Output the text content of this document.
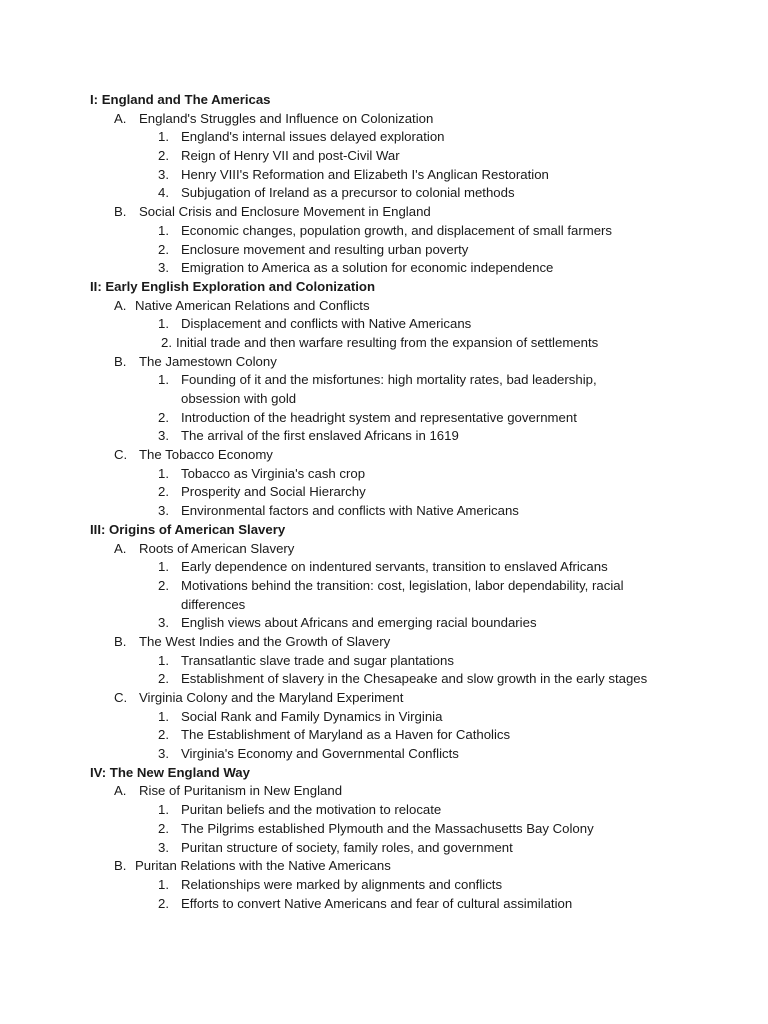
I: England and The Americas
A. England's Struggles and Influence on Colonization
1. England's internal issues delayed exploration
2. Reign of Henry VII and post-Civil War
3. Henry VIII's Reformation and Elizabeth I's Anglican Restoration
4. Subjugation of Ireland as a precursor to colonial methods
B. Social Crisis and Enclosure Movement in England
1. Economic changes, population growth, and displacement of small farmers
2. Enclosure movement and resulting urban poverty
3. Emigration to America as a solution for economic independence
II: Early English Exploration and Colonization
A. Native American Relations and Conflicts
1. Displacement and conflicts with Native Americans
2. Initial trade and then warfare resulting from the expansion of settlements
B. The Jamestown Colony
1. Founding of it and the misfortunes: high mortality rates, bad leadership,
obsession with gold
2. Introduction of the headright system and representative government
3. The arrival of the first enslaved Africans in 1619
C. The Tobacco Economy
1. Tobacco as Virginia's cash crop
2. Prosperity and Social Hierarchy
3. Environmental factors and conflicts with Native Americans
III: Origins of American Slavery
A. Roots of American Slavery
1. Early dependence on indentured servants, transition to enslaved Africans
2. Motivations behind the transition: cost, legislation, labor dependability, racial
differences
3. English views about Africans and emerging racial boundaries
B. The West Indies and the Growth of Slavery
1. Transatlantic slave trade and sugar plantations
2. Establishment of slavery in the Chesapeake and slow growth in the early stages
C. Virginia Colony and the Maryland Experiment
1. Social Rank and Family Dynamics in Virginia
2. The Establishment of Maryland as a Haven for Catholics
3. Virginia's Economy and Governmental Conflicts
IV: The New England Way
A. Rise of Puritanism in New England
1. Puritan beliefs and the motivation to relocate
2. The Pilgrims established Plymouth and the Massachusetts Bay Colony
3. Puritan structure of society, family roles, and government
B. Puritan Relations with the Native Americans
1. Relationships were marked by alignments and conflicts
2. Efforts to convert Native Americans and fear of cultural assimilation
